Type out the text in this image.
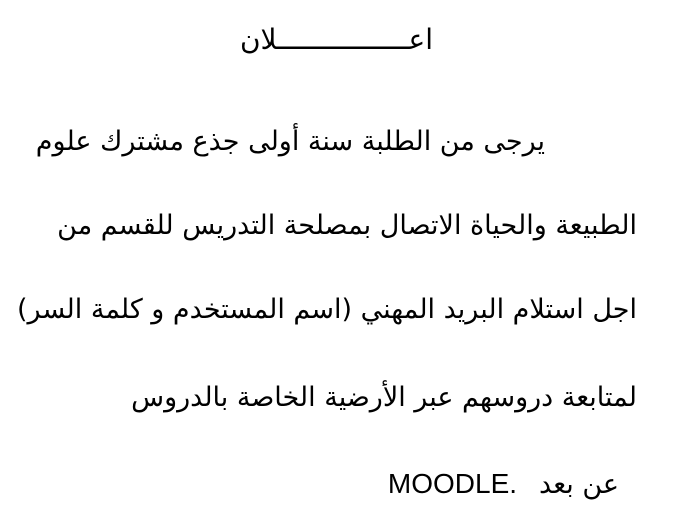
اعــــــــــــــــلان
يرجى من الطلبة سنة أولى جذع مشترك علوم
الطبيعة والحياة الاتصال بمصلحة التدريس للقسم من
اجل استلام البريد المهني (اسم المستخدم و كلمة السر)
لمتابعة دروسهم عبر الأرضية الخاصة بالدروس
MOODLE. عن بعد
